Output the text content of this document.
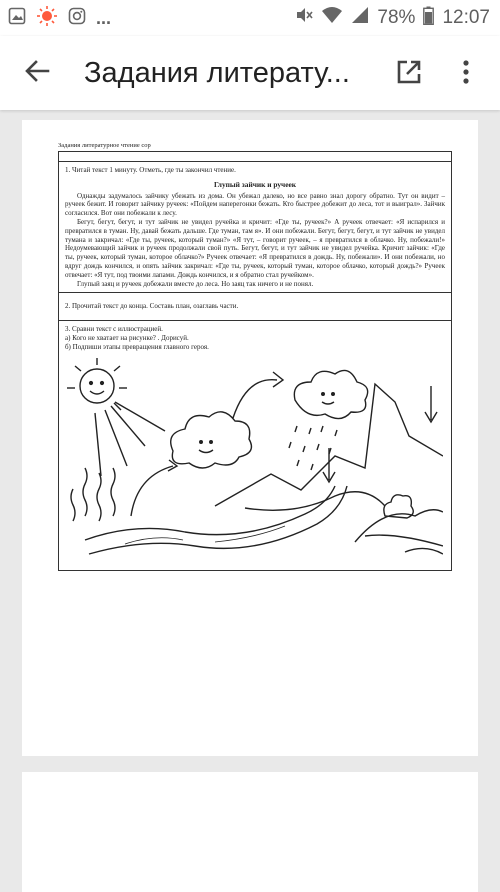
...	78% 12:07
Задания литерату...
Задания литературное чтение сор
1. Читай текст 1 минуту. Отметь, где ты закончил чтение.
Глупый зайчик и ручеек

Однажды задумалось зайчику убежать из дома. Он убежал далеко, но все равно знал дорогу обратно. Тут он видит – ручеек бежит. И говорит зайчику ручеек: «Пойдем наперегонки бежать. Кто быстрее добежит до леса, тот и выиграл». Зайчик согласился. Вот они побежали к лесу.

Бегут, бегут, бегут, и тут зайчик не увидел ручейка и кричит: «Где ты, ручеек?» А ручеек отвечает: «Я испарился и превратился в туман. Ну, давай бежать дальше. Где туман, там я». И они побежали. Бегут, бегут, бегут, и тут зайчик не увидел тумана и закричал: «Где ты, ручеек, который туман?» «Я тут, – говорит ручеек, – я превратился в облачко. Ну, побежали!» Недоумевающий зайчик и ручеек продолжали свой путь. Бегут, бегут, и тут зайчик не увидел ручейка. Кричит зайчик: «Где ты, ручеек, который туман, которое облачко?» Ручеек отвечает: «Я превратился в дождь. Ну, побежали». И они побежали, но вдруг дождь кончился, и опять зайчик закричал: «Где ты, ручеек, который туман, которое облачко, который дождь?» Ручеек отвечает: «Я тут, под твоими лапами. Дождь кончился, и я обратно стал ручейком».

Глупый заяц и ручеек добежали вместе до леса. Но заяц так ничего и не понял.

2. Прочитай текст до конца. Составь план, озаглавь части.
3. Сравни текст с иллюстрацией.
а) Кого не хватает на рисунке? . Дорисуй.
б) Подпиши этапы превращения главного героя.
